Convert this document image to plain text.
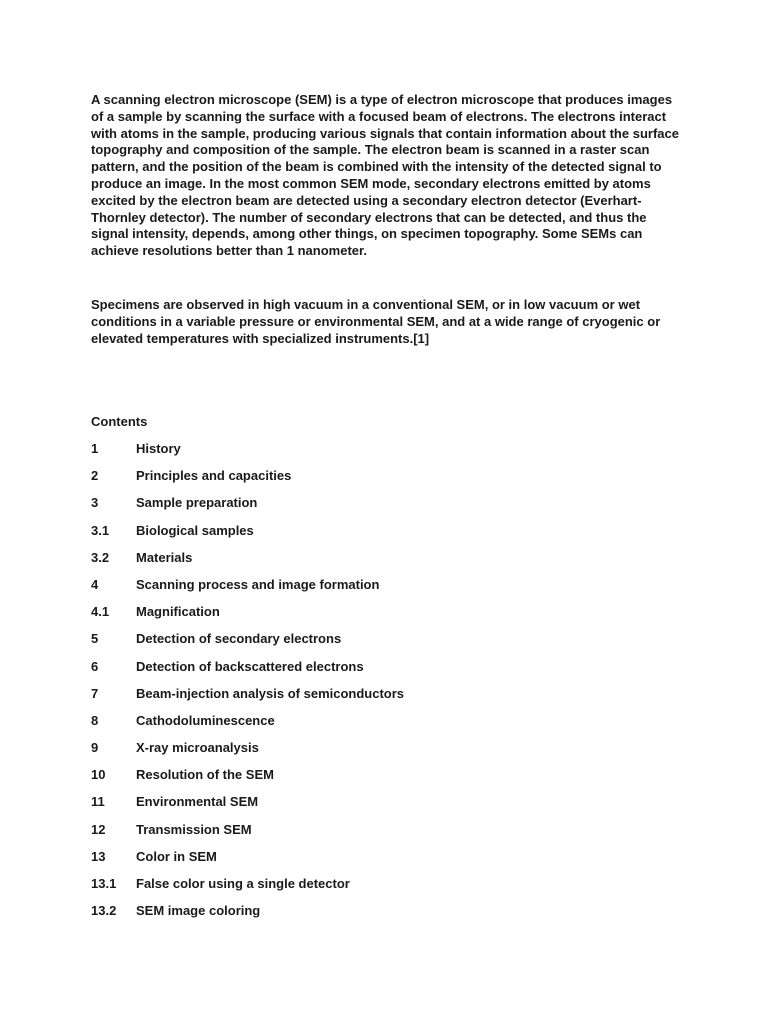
A scanning electron microscope (SEM) is a type of electron microscope that produces images of a sample by scanning the surface with a focused beam of electrons. The electrons interact with atoms in the sample, producing various signals that contain information about the surface topography and composition of the sample. The electron beam is scanned in a raster scan pattern, and the position of the beam is combined with the intensity of the detected signal to produce an image. In the most common SEM mode, secondary electrons emitted by atoms excited by the electron beam are detected using a secondary electron detector (Everhart-Thornley detector). The number of secondary electrons that can be detected, and thus the signal intensity, depends, among other things, on specimen topography. Some SEMs can achieve resolutions better than 1 nanometer.

Specimens are observed in high vacuum in a conventional SEM, or in low vacuum or wet conditions in a variable pressure or environmental SEM, and at a wide range of cryogenic or elevated temperatures with specialized instruments.[1]

Contents

1	History
2	Principles and capacities
3	Sample preparation
3.1	Biological samples
3.2	Materials
4	Scanning process and image formation
4.1	Magnification
5	Detection of secondary electrons
6	Detection of backscattered electrons
7	Beam-injection analysis of semiconductors
8	Cathodoluminescence
9	X-ray microanalysis
10	Resolution of the SEM
11	Environmental SEM
12	Transmission SEM
13	Color in SEM
13.1	False color using a single detector
13.2	SEM image coloring
